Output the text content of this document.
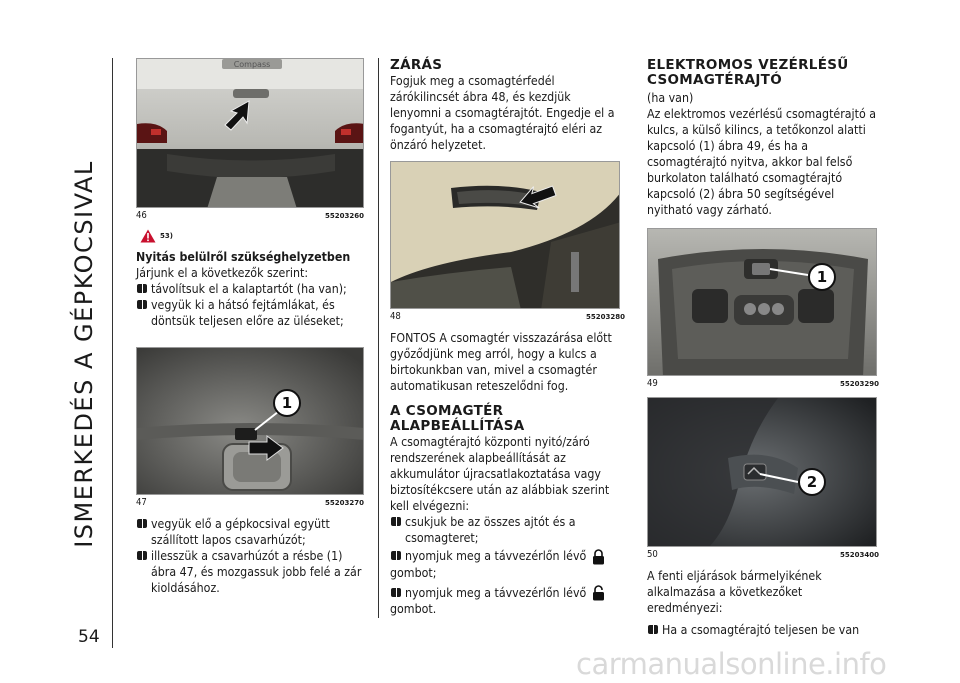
ISMERKEDÉS A GÉPKOCSIVAL
54
Compass
46	55203260
53)
Nyitás belülről szükséghelyzetben

Járjunk el a következők szerint:

távolítsuk el a kalaptartót (ha van);
vegyük ki a hátsó fejtámlákat, és döntsük teljesen előre az üléseket;
1
47	55203270
vegyük elő a gépkocsival együtt szállított lapos csavarhúzót;
illesszük a csavarhúzót a résbe (1) ábra 47, és mozgassuk jobb felé a zár kioldásához.
ZÁRÁS

Fogjuk meg a csomagtérfedél zárókilincsét ábra 48, és kezdjük lenyomni a csomagtérajtót. Engedje el a fogantyút, ha a csomagtérajtó eléri az önzáró helyzetet.

48	55203280

FONTOS A csomagtér visszazárása előtt győződjünk meg arról, hogy a kulcs a birtokunkban van, mivel a csomagtér automatikusan reteszelődni fog.

A CSOMAGTÉR ALAPBEÁLLÍTÁSA

A csomagtérajtó központi nyitó/záró rendszerének alapbeállítását az akkumulátor újracsatlakoztatása vagy biztosítékcsere után az alábbiak szerint kell elvégezni:

csukjuk be az összes ajtót és a csomagteret;
nyomjuk meg a távvezérlőn lévő

gombot;

nyomjuk meg a távvezérlőn lévő

gombot.

ELEKTROMOS VEZÉRLÉSŰ CSOMAGTÉRAJTÓ

(ha van)

Az elektromos vezérlésű csomagtérajtó a kulcs, a külső kilincs, a tetőkonzol alatti kapcsoló (1) ábra 49, és ha a csomagtérajtó nyitva, akkor bal felső burkolaton található csomagtérajtó kapcsoló (2) ábra 50 segítségével nyitható vagy zárható.

1
49	55203290
2
50	55203400

A fenti eljárások bármelyikének alkalmazása a következőket eredményezi:

Ha a csomagtérajtó teljesen be van
carmanualsonline.info
